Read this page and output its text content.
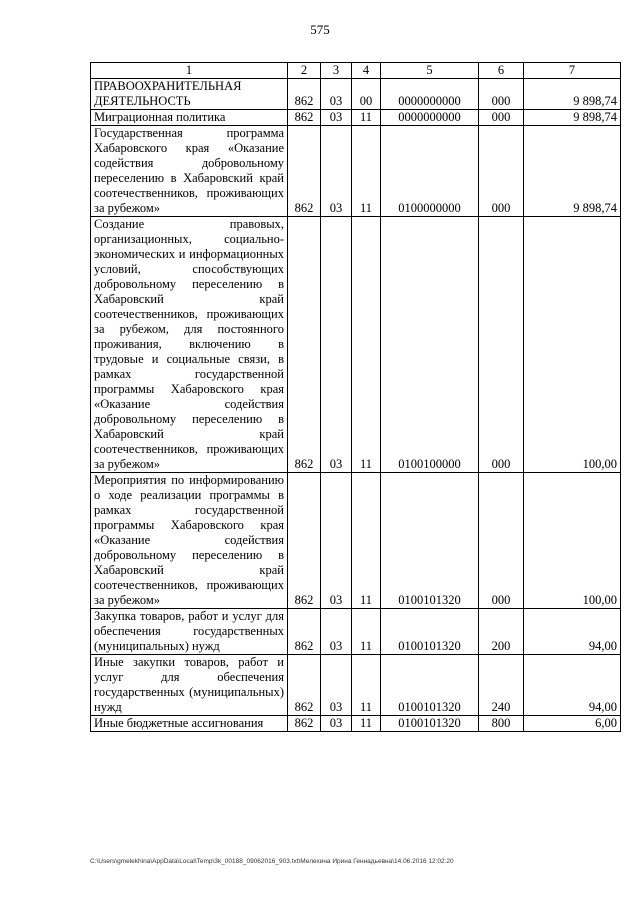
575
1	2	3	4	5	6	7
ПРАВООХРАНИТЕЛЬНАЯ ДЕЯТЕЛЬНОСТЬ	862	03	00	0000000000	000	9 898,74
Миграционная политика	862	03	11	0000000000	000	9 898,74
Государственная программа Хабаровского края «Оказание содействия добровольному переселению в Хабаровский край соотечественников, проживающих за рубежом»	862	03	11	0100000000	000	9 898,74
Создание правовых, организационных, социально-экономических и информационных условий, способствующих добровольному переселению в Хабаровский край соотечественников, проживающих за рубежом, для постоянного проживания, включению в трудовые и социальные связи, в рамках государственной программы Хабаровского края «Оказание содействия добровольному переселению в Хабаровский край соотечественников, проживающих за рубежом»	862	03	11	0100100000	000	100,00
Мероприятия по информированию о ходе реализации программы в рамках государственной программы Хабаровского края «Оказание содействия добровольному переселению в Хабаровский край соотечественников, проживающих за рубежом»	862	03	11	0100101320	000	100,00
Закупка товаров, работ и услуг для обеспечения государственных (муниципальных) нужд	862	03	11	0100101320	200	94,00
Иные закупки товаров, работ и услуг для обеспечения государственных (муниципальных) нужд	862	03	11	0100101320	240	94,00
Иные бюджетные ассигнования	862	03	11	0100101320	800	6,00
C:\Users\gmelekhina\AppData\Local\Temp\3k_00188_09062016_903.txt\Мелехина Ирина Геннадьевна\14.06.2016 12:02:20
